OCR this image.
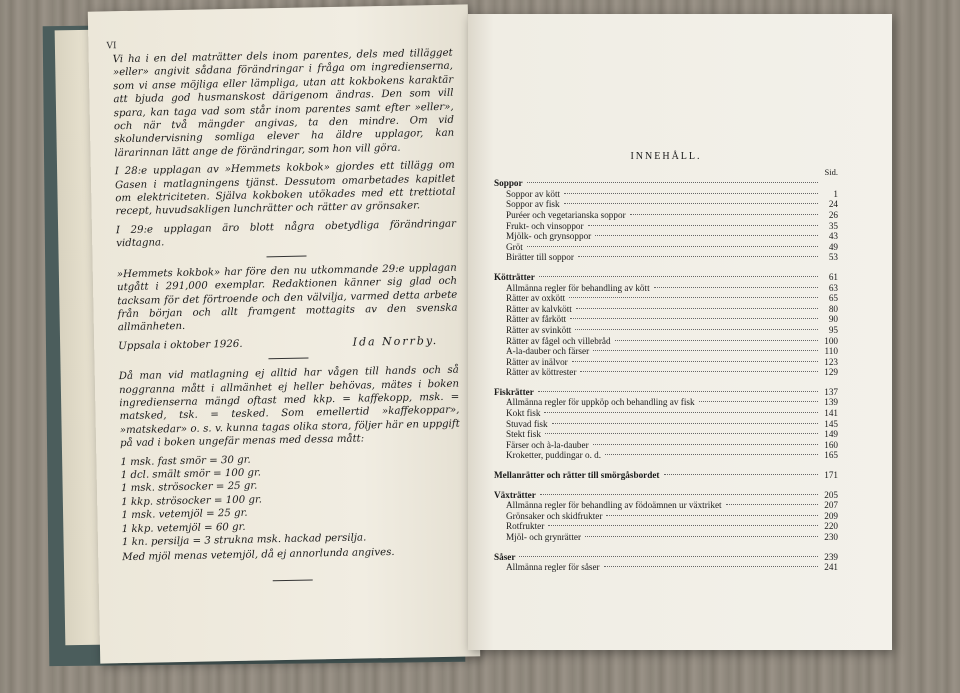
VI

Vi ha i en del maträtter dels inom parentes, dels med tillägget »eller» angivit sådana förändringar i fråga om ingredienserna, som vi anse möjliga eller lämpliga, utan att kokbokens karaktär att bjuda god husmanskost därigenom ändras. Den som vill spara, kan taga vad som står inom parentes samt efter »eller», och när två mängder angivas, ta den mindre. Om vid skolundervisning somliga elever ha äldre upplagor, kan lärarinnan lätt ange de förändringar, som hon vill göra.

I 28:e upplagan av »Hemmets kokbok» gjordes ett tillägg om Gasen i matlagningens tjänst. Dessutom omarbetades kapitlet om elektriciteten. Själva kokboken utökades med ett trettiotal recept, huvudsakligen lunchrätter och rätter av grönsaker.

I 29:e upplagan äro blott några obetydliga förändringar vidtagna.

»Hemmets kokbok» har före den nu utkommande 29:e upplagan utgått i 291,000 exemplar. Redaktionen känner sig glad och tacksam för det förtroende och den välvilja, varmed detta arbete från början och allt framgent mottagits av den svenska allmänheten.

Uppsala i oktober 1926.	Ida Norrby.

Då man vid matlagning ej alltid har vågen till hands och så noggranna mått i allmänhet ej heller behövas, mätes i boken ingredienserna mängd oftast med kkp. = kaffekopp, msk. = matsked, tsk. = tesked. Som emellertid »kaffekoppar», »matskedar» o. s. v. kunna tagas olika stora, följer här en uppgift på vad i boken ungefär menas med dessa mått:

1 msk. fast smör = 30 gr.
1 dcl. smält smör = 100 gr.
1 msk. strösocker = 25 gr.
1 kkp. strösocker = 100 gr.
1 msk. vetemjöl = 25 gr.
1 kkp. vetemjöl = 60 gr.
1 kn. persilja = 3 strukna msk. hackad persilja.

Med mjöl menas vetemjöl, då ej annorlunda angives.

INNEHÅLL.
Sid.
Soppor
Soppor av kött	1
Soppor av fisk	24
Puréer och vegetarianska soppor	26
Frukt- och vinsoppor	35
Mjölk- och grynsoppor	43
Gröt	49
Birätter till soppor	53
Kötträtter	61
Allmänna regler för behandling av kött	63
Rätter av oxkött	65
Rätter av kalvkött	80
Rätter av fårkött	90
Rätter av svinkött	95
Rätter av fågel och villebråd	100
A-la-dauber och färser	110
Rätter av inälvor	123
Rätter av köttrester	129
Fiskrätter	137
Allmänna regler för uppköp och behandling av fisk	139
Kokt fisk	141
Stuvad fisk	145
Stekt fisk	149
Färser och à-la-dauber	160
Kroketter, puddingar o. d.	165
Mellanrätter och rätter till smörgåsbordet	171
Växträtter	205
Allmänna regler för behandling av födoämnen ur växtriket	207
Grönsaker och skidfrukter	209
Rotfrukter	220
Mjöl- och grynrätter	230
Såser	239
Allmänna regler för såser	241
